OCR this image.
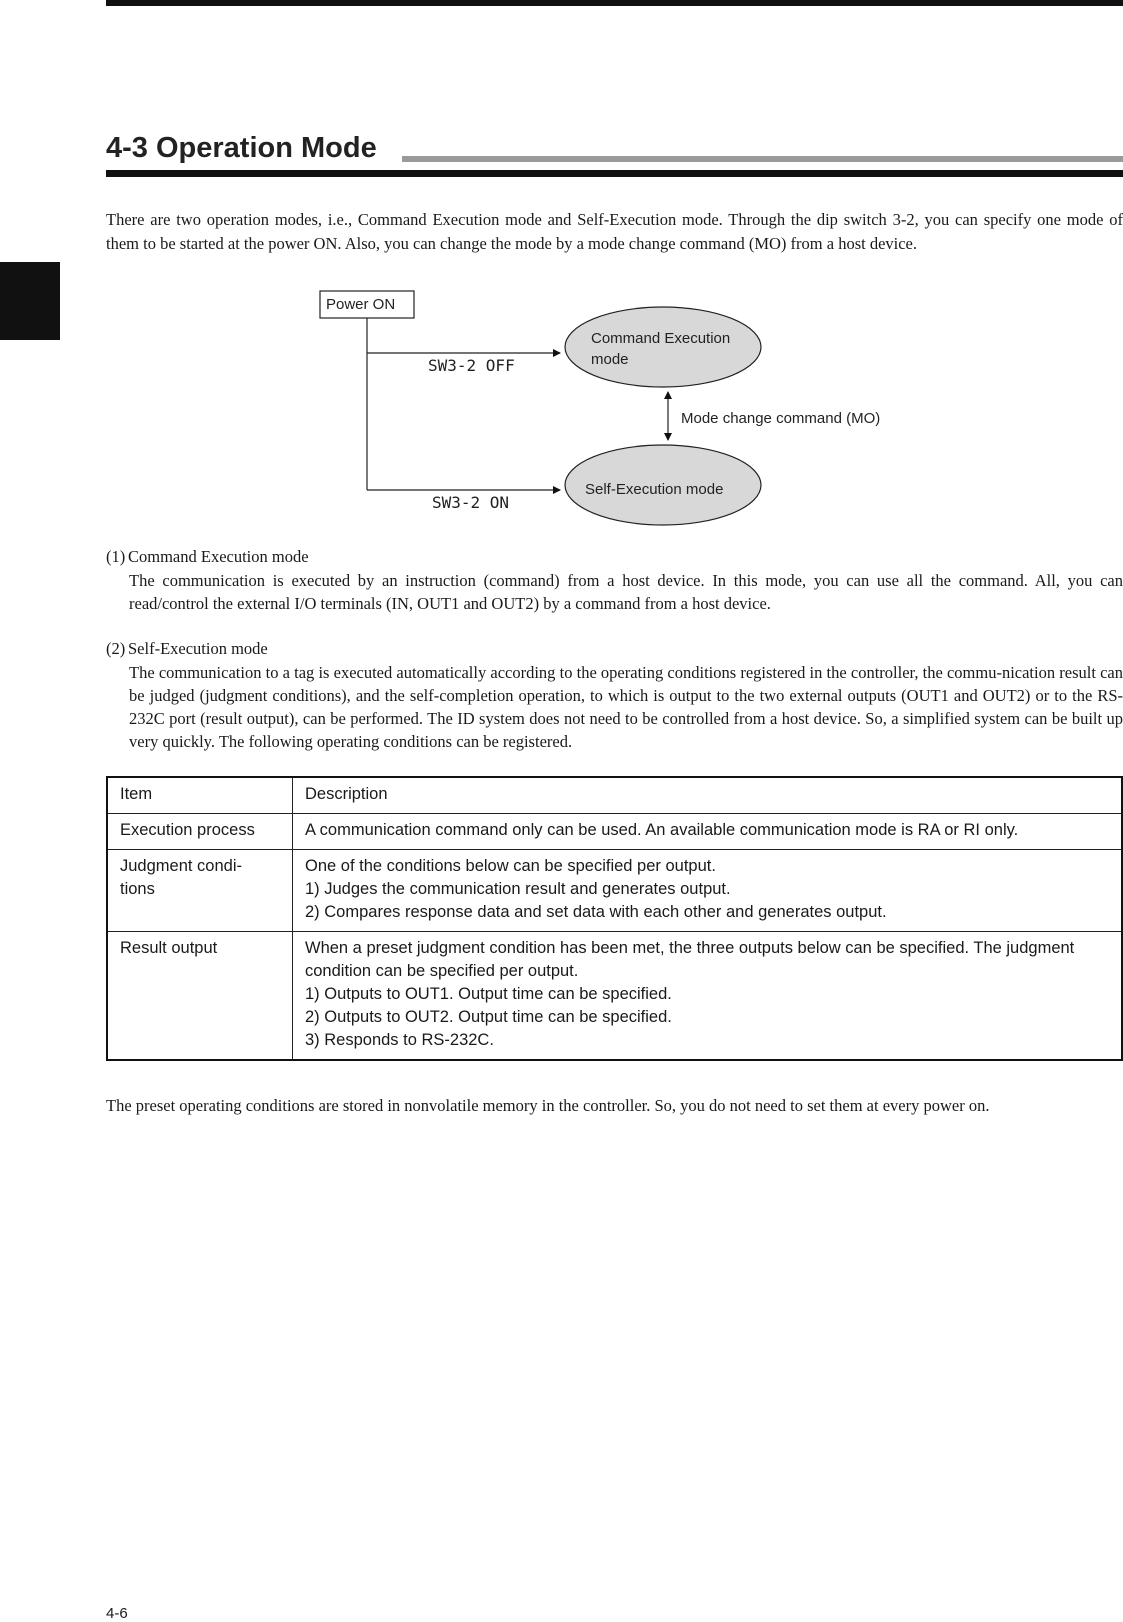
4-3 Operation Mode

There are two operation modes, i.e., Command Execution mode and Self-Execution mode. Through the dip switch 3-2, you can specify one mode of them to be started at the power ON. Also, you can change the mode by a mode change command (MO) from a host device.

Power ON
SW3-2 OFF
SW3-2 ON
Command Execution mode
Self-Execution mode
Mode change command (MO)
(1) Command Execution mode

The communication is executed by an instruction (command) from a host device. In this mode, you can use all the command. All, you can read/control the external I/O terminals (IN, OUT1 and OUT2) by a command from a host device.

(2) Self-Execution mode

The communication to a tag is executed automatically according to the operating conditions registered in the controller, the commu-nication result can be judged (judgment conditions), and the self-completion operation, to which is output to the two external outputs (OUT1 and OUT2) or to the RS-232C port (result output), can be performed. The ID system does not need to be controlled from a host device. So, a simplified system can be built up very quickly. The following operating conditions can be registered.

Item	Description

Execution process	A communication command only can be used. An available communication mode is RA or RI only.

Judgment condi-
tions	One of the conditions below can be specified per output.
1) Judges the communication result and generates output.
2) Compares response data and set data with each other and generates output.

Result output	When a preset judgment condition has been met, the three outputs below can be specified. The judgment condition can be specified per output.
1) Outputs to OUT1. Output time can be specified.
2) Outputs to OUT2. Output time can be specified.
3) Responds to RS-232C.

The preset operating conditions are stored in nonvolatile memory in the controller. So, you do not need to set them at every power on.

4-6
